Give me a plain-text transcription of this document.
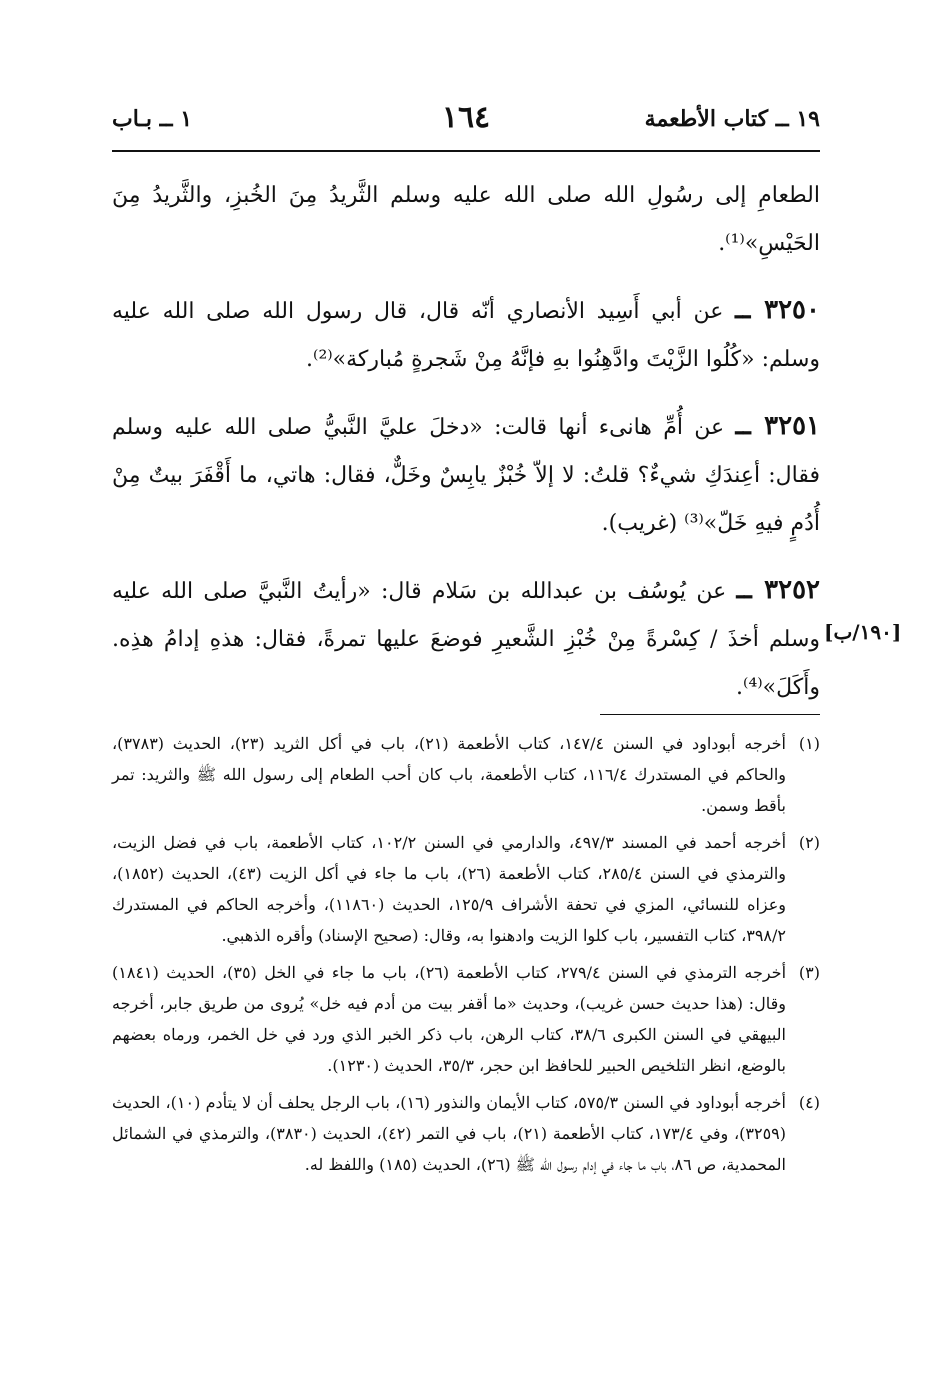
١٩ ــ كتاب الأطعمة
١٦٤
١ ــ بـاب

الطعامِ إلى رسُولِ الله صلى الله عليه وسلم الثَّريدُ مِنَ الخُبزِ، والثَّريدُ مِنَ الحَيْسِ»⁽¹⁾.

٣٢٥٠ ــ عن أبي أَسِيد الأنصاري أنّه قال، قال رسول الله صلى الله عليه وسلم: «كُلُوا الزَّيْتَ وادَّهِنُوا بهِ فإنَّهُ مِنْ شَجرةٍ مُباركة»⁽²⁾.

٣٢٥١ ــ عن أُمِّ هانىء أنها قالت: «دخلَ عليَّ النَّبيُّ صلى الله عليه وسلم فقال: أعِندَكِ شيءٌ؟ قلتُ: لا إلاّ خُبْزٌ يابِسٌ وخَلٌّ، فقال: هاتي، ما أَقْفَرَ بيتٌ مِنْ أُدُمٍ فيهِ خَلّ»⁽³⁾ (غريب).

٣٢٥٢ ــ عن يُوسُف بن عبدالله بن سَلام قال: «رأيتُ النَّبيَّ صلى الله عليه وسلم أخذَ / كِسْرةً مِنْ خُبْزِ الشَّعيرِ فوضعَ عليها تمرةً، فقال: هذهِ إدامُ هذِه. وأَكَلَ»⁽⁴⁾.

[١٩٠/ب]
(١)
أخرجه أبوداود في السنن ١٤٧/٤، كتاب الأطعمة (٢١)، باب في أكل الثريد (٢٣)، الحديث (٣٧٨٣)، والحاكم في المستدرك ١١٦/٤، كتاب الأطعمة، باب كان أحب الطعام إلى رسول الله ﷺ والثريد: تمر بأقط وسمن.
(٢)
أخرجه أحمد في المسند ٤٩٧/٣، والدارمي في السنن ١٠٢/٢، كتاب الأطعمة، باب في فضل الزيت، والترمذي في السنن ٢٨٥/٤، كتاب الأطعمة (٢٦)، باب ما جاء في أكل الزيت (٤٣)، الحديث (١٨٥٢)، وعزاه للنسائي، المزي في تحفة الأشراف ١٢٥/٩، الحديث (١١٨٦٠)، وأخرجه الحاكم في المستدرك ٣٩٨/٢، كتاب التفسير، باب كلوا الزيت وادهنوا به، وقال: (صحيح الإسناد) وأقره الذهبي.
(٣)
أخرجه الترمذي في السنن ٢٧٩/٤، كتاب الأطعمة (٢٦)، باب ما جاء في الخل (٣٥)، الحديث (١٨٤١) وقال: (هذا حديث حسن غريب)، وحديث «ما أقفر بيت من أدم فيه خل» يُروى من طريق جابر، أخرجه البيهقي في السنن الكبرى ٣٨/٦، كتاب الرهن، باب ذكر الخبر الذي ورد في خل الخمر، ورماه بعضهم بالوضع، انظر التلخيص الحبير للحافظ ابن حجر، ٣٥/٣، الحديث (١٢٣٠).
(٤)
أخرجه أبوداود في السنن ٥٧٥/٣، كتاب الأيمان والنذور (١٦)، باب الرجل يحلف أن لا يتأدم (١٠)، الحديث (٣٢٥٩)، وفي ١٧٣/٤، كتاب الأطعمة (٢١)، باب في التمر (٤٢)، الحديث (٣٨٣٠)، والترمذي في الشمائل المحمدية، ص ٨٦، باب ما جاء في إدام رسول الله ﷺ (٢٦)، الحديث (١٨٥) واللفظ له.
